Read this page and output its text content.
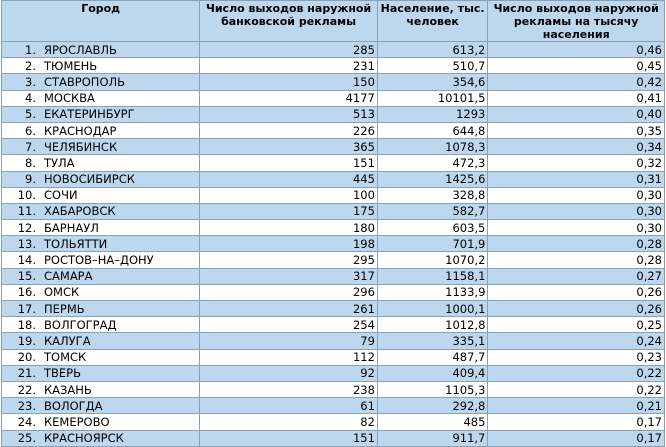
Город	Число выходов наружной банковской рекламы	Население, тыс. человек	Число выходов наружной рекламы на тысячу населения
1. ЯРОСЛАВЛЬ	285	613,2	0,46
2. ТЮМЕНЬ	231	510,7	0,45
3. СТАВРОПОЛЬ	150	354,6	0,42
4. МОСКВА	4177	10101,5	0,41
5. ЕКАТЕРИНБУРГ	513	1293	0,40
6. КРАСНОДАР	226	644,8	0,35
7. ЧЕЛЯБИНСК	365	1078,3	0,34
8. ТУЛА	151	472,3	0,32
9. НОВОСИБИРСК	445	1425,6	0,31
10. СОЧИ	100	328,8	0,30
11. ХАБАРОВСК	175	582,7	0,30
12. БАРНАУЛ	180	603,5	0,30
13. ТОЛЬЯТТИ	198	701,9	0,28
14. РОСТОВ–НА–ДОНУ	295	1070,2	0,28
15. САМАРА	317	1158,1	0,27
16. ОМСК	296	1133,9	0,26
17. ПЕРМЬ	261	1000,1	0,26
18. ВОЛГОГРАД	254	1012,8	0,25
19. КАЛУГА	79	335,1	0,24
20. ТОМСК	112	487,7	0,23
21. ТВЕРЬ	92	409,4	0,22
22. КАЗАНЬ	238	1105,3	0,22
23. ВОЛОГДА	61	292,8	0,21
24. КЕМЕРОВО	82	485	0,17
25. КРАСНОЯРСК	151	911,7	0,17
